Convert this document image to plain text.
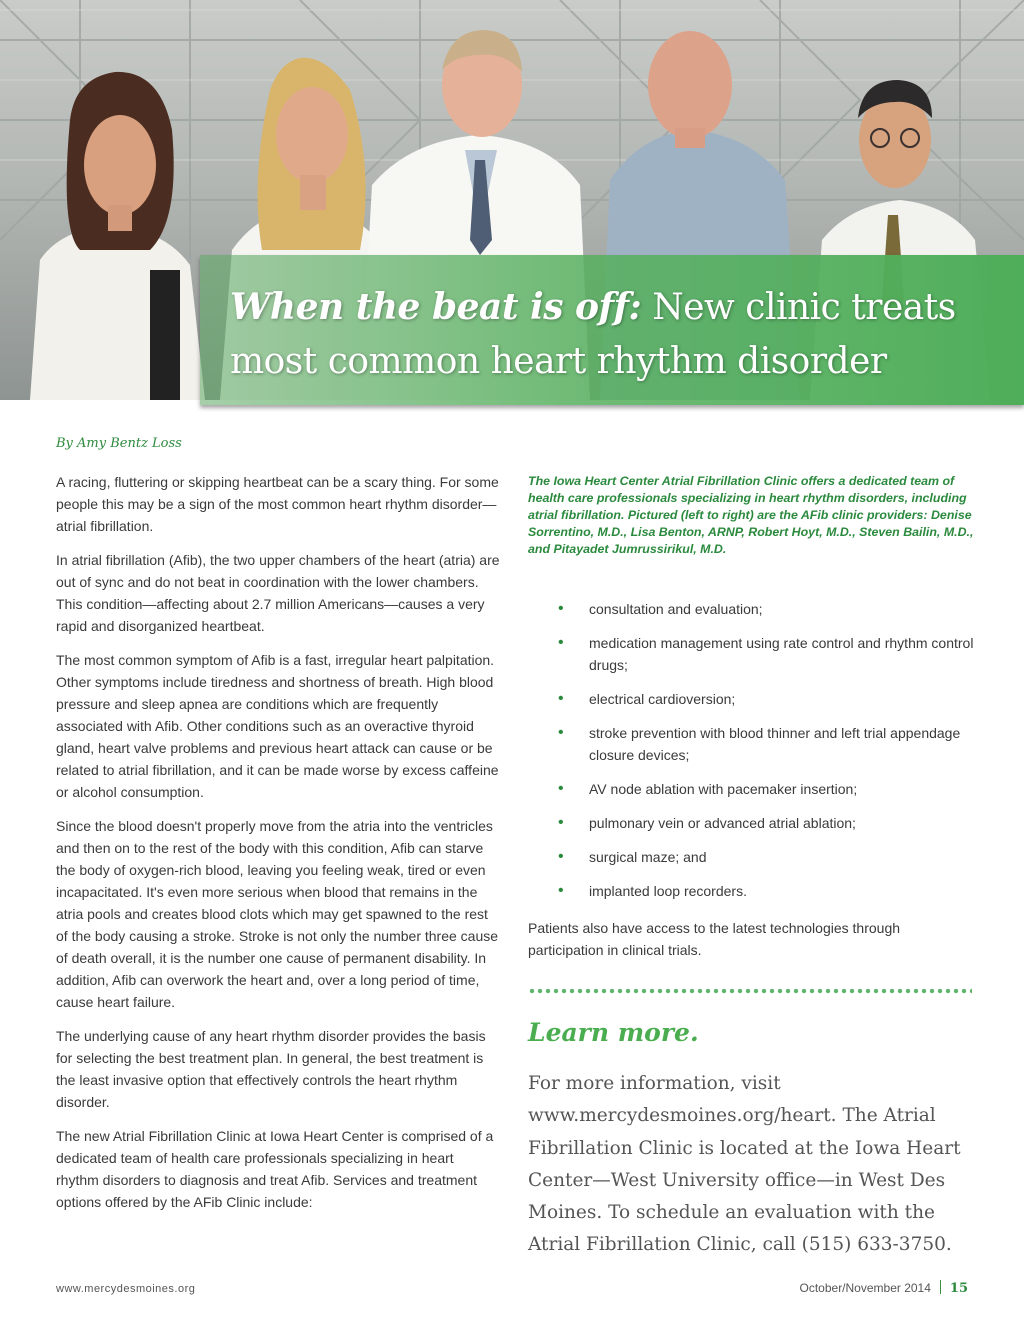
When the beat is off: New clinic treats
most common heart rhythm disorder

By Amy Bentz Loss

A racing, fluttering or skipping heartbeat can be a scary thing. For some people this may be a sign of the most common heart rhythm disorder—atrial fibrillation.

In atrial fibrillation (Afib), the two upper chambers of the heart (atria) are out of sync and do not beat in coordination with the lower chambers. This condition—affecting about 2.7 million Americans—causes a very rapid and disorganized heartbeat.

The most common symptom of Afib is a fast, irregular heart palpitation. Other symptoms include tiredness and shortness of breath. High blood pressure and sleep apnea are conditions which are frequently associated with Afib. Other conditions such as an overactive thyroid gland, heart valve problems and previous heart attack can cause or be related to atrial fibrillation, and it can be made worse by excess caffeine or alcohol consumption.

Since the blood doesn't properly move from the atria into the ventricles and then on to the rest of the body with this condition, Afib can starve the body of oxygen-rich blood, leaving you feeling weak, tired or even incapacitated. It's even more serious when blood that remains in the atria pools and creates blood clots which may get spawned to the rest of the body causing a stroke. Stroke is not only the number three cause of death overall, it is the number one cause of permanent disability. In addition, Afib can overwork the heart and, over a long period of time, cause heart failure.

The underlying cause of any heart rhythm disorder provides the basis for selecting the best treatment plan. In general, the best treatment is the least invasive option that effectively controls the heart rhythm disorder.

The new Atrial Fibrillation Clinic at Iowa Heart Center is comprised of a dedicated team of health care professionals specializing in heart rhythm disorders to diagnosis and treat Afib. Services and treatment options offered by the AFib Clinic include:

The Iowa Heart Center Atrial Fibrillation Clinic offers a dedicated team of health care professionals specializing in heart rhythm disorders, including atrial fibrillation. Pictured (left to right) are the AFib clinic providers: Denise Sorrentino, M.D., Lisa Benton, ARNP, Robert Hoyt, M.D., Steven Bailin, M.D., and Pitayadet Jumrussirikul, M.D.

• consultation and evaluation;
• medication management using rate control and rhythm control drugs;
• electrical cardioversion;
• stroke prevention with blood thinner and left trial appendage closure devices;
• AV node ablation with pacemaker insertion;
• pulmonary vein or advanced atrial ablation;
• surgical maze; and
• implanted loop recorders.

Patients also have access to the latest technologies through participation in clinical trials.

Learn more.

For more information, visit www.mercydesmoines.org/heart. The Atrial Fibrillation Clinic is located at the Iowa Heart Center—West University office—in West Des Moines. To schedule an evaluation with the Atrial Fibrillation Clinic, call (515) 633-3750.

www.mercydesmoines.org	October/November 2014 15
